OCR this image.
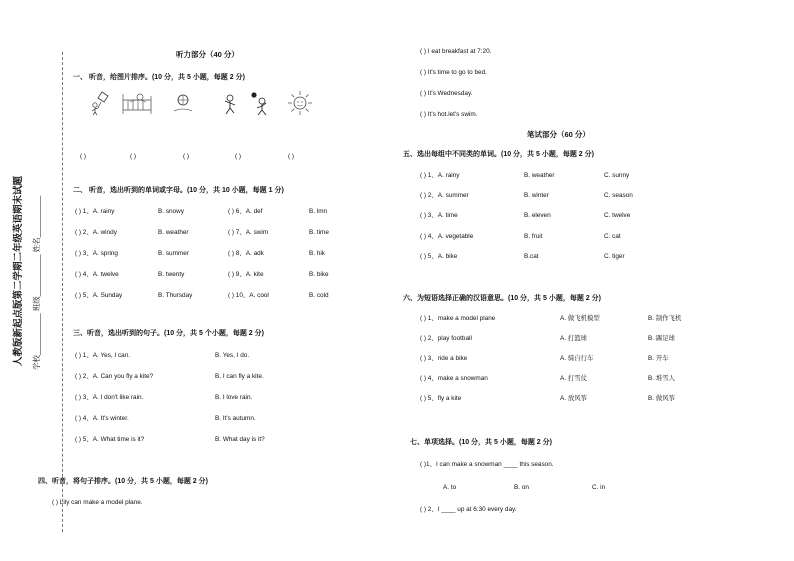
人教版新起点版第二学期二年级英语期末试题 学校__________ 班级__________ 姓名__________
听力部分（40 分）
一、 听音，给图片排序。(10 分，共 5 小题，每题 2 分)
( )	( )	( )	( )	( )
二、 听音，选出听到的单词或字母。(10 分，共 10 小题，每题 1 分)
( ) 1、A. rainy	B. snowy
( ) 2、A. windy	B. weather
( ) 3、A. spring	B. summer
( ) 4、A. twelve	B. twenty
( ) 5、A. Sunday	B. Thursday
( ) 6、A. def	B. lmn
( ) 7、A. swim	B. time
( ) 8、A. adk	B. hik
( ) 9、A. kite	B. bike
( ) 10、A. cool	B. cold
三、听音，选出听到的句子。(10 分，共 5 个小题，每题 2 分)
( ) 1、A. Yes, I can.	B. Yes, I do.
( ) 2、A. Can you fly a kite?	B. I can fly a kite.
( ) 3、A. I don't like rain.	B. I love rain.
( ) 4、A. It's winter.	B. It's autumn.
( ) 5、A. What time is it?	B. What day is it?
四、听音，将句子排序。(10 分，共 5 小题，每题 2 分)
( ) Lily can make a model plane.
( ) I eat breakfast at 7:20.
( ) It's time to go to bed.
( ) It's Wednesday.
( ) It's hot.let's swim.
笔试部分（60 分）
五、选出每组中不同类的单词。(10 分，共 5 小题，每题 2 分)
( ) 1、A. rainy	B. weather	C. sunny
( ) 2、A. summer	B. winter	C. season
( ) 3、A. time	B. eleven	C. twelve
( ) 4、A. vegetable	B. fruit	C. cat
( ) 5、A. bike	B.cat	C. tiger
六、为短语选择正确的汉语意思。(10 分，共 5 小题，每题 2 分)
( ) 1、make a model plane	A. 做飞机模型	B. 制作飞机
( ) 2、play football	A. 打篮球	B. 踢足球
( ) 3、ride a bike	A. 骑自行车	B. 开车
( ) 4、make a snowman	A. 打雪仗	B. 堆雪人
( ) 5、fly a kite	A. 放风筝	B. 做风筝
七、单项选择。(10 分，共 5 小题，每题 2 分)
( )1、I can make a snowman ____ this season.
A. to	B. on	C. in
( ) 2、I ____ up at 6:30 every day.
